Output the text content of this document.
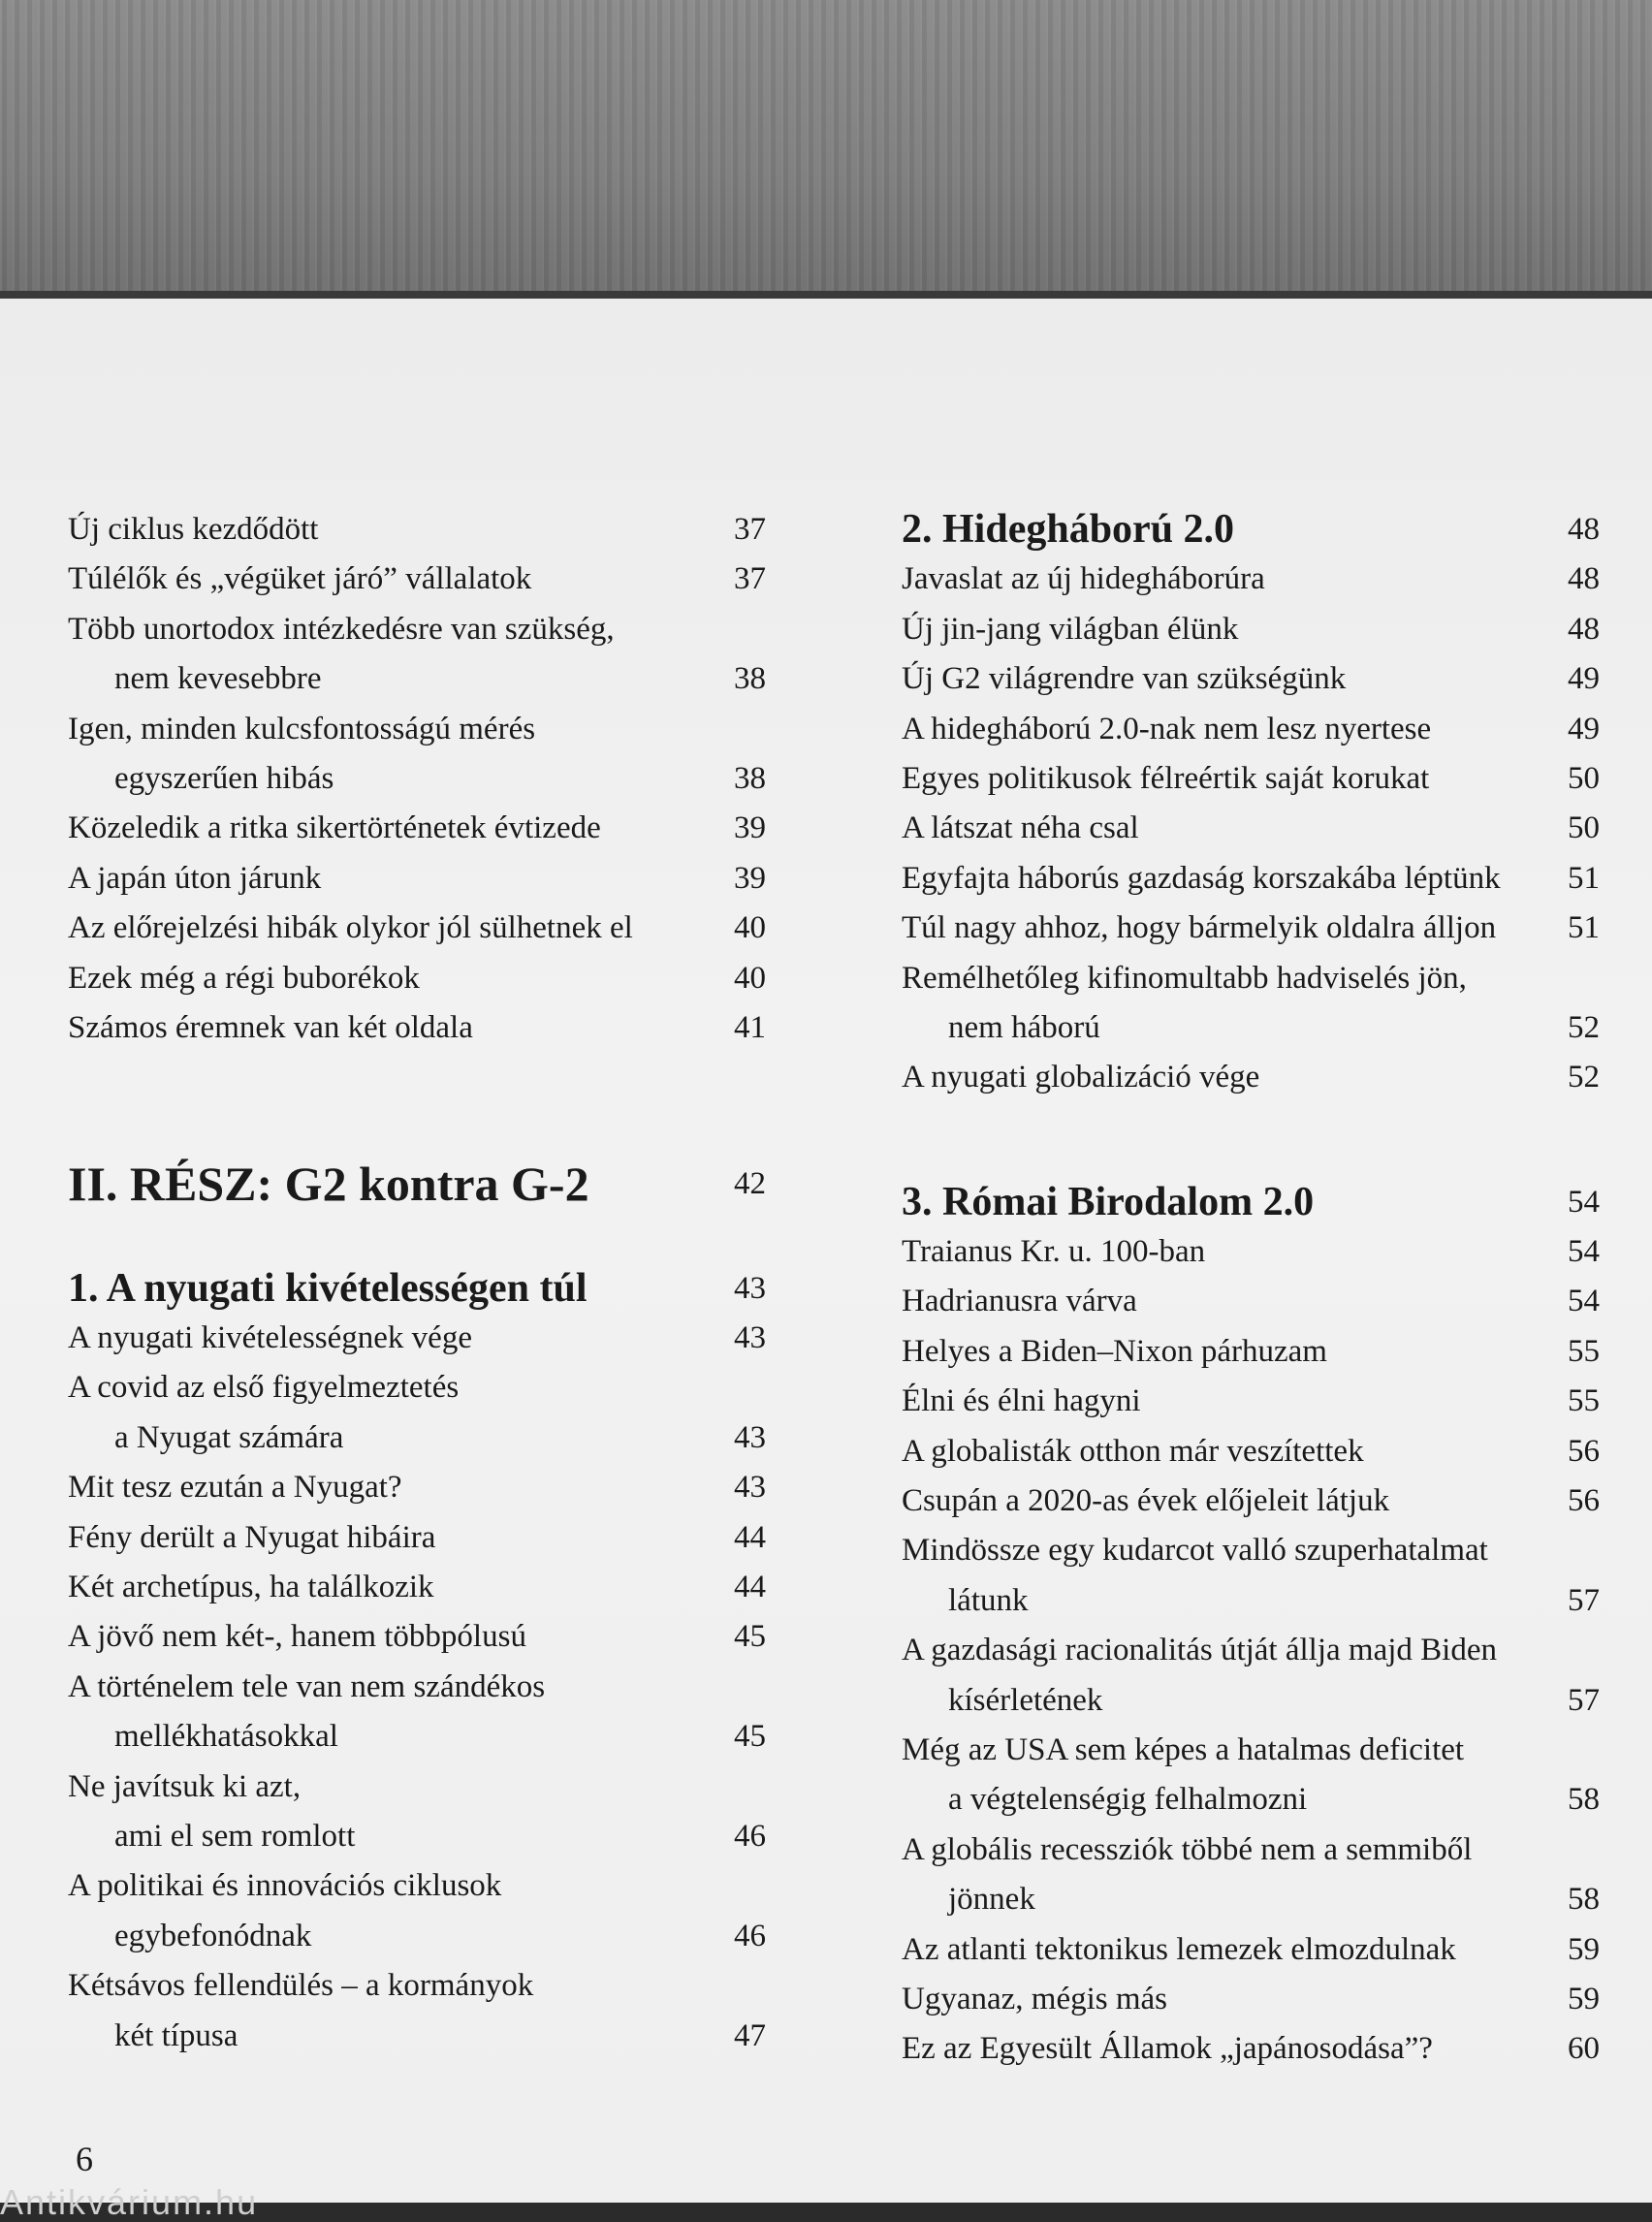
Új ciklus kezdődött	37
Túlélők és „végüket járó” vállalatok	37
Több unortodox intézkedésre van szükség,
nem kevesebbre	38
Igen, minden kulcsfontosságú mérés
egyszerűen hibás	38
Közeledik a ritka sikertörténetek évtizede	39
A japán úton járunk	39
Az előrejelzési hibák olykor jól sülhetnek el	40
Ezek még a régi buborékok	40
Számos éremnek van két oldala	41
II. RÉSZ: G2 kontra G-2	42
1. A nyugati kivételességen túl	43
A nyugati kivételességnek vége	43
A covid az első figyelmeztetés
a Nyugat számára	43
Mit tesz ezután a Nyugat?	43
Fény derült a Nyugat hibáira	44
Két archetípus, ha találkozik	44
A jövő nem két-, hanem többpólusú	45
A történelem tele van nem szándékos
mellékhatásokkal	45
Ne javítsuk ki azt,
ami el sem romlott	46
A politikai és innovációs ciklusok
egybefonódnak	46
Kétsávos fellendülés – a kormányok
két típusa	47
2. Hidegháború 2.0	48
Javaslat az új hidegháborúra	48
Új jin-jang világban élünk	48
Új G2 világrendre van szükségünk	49
A hidegháború 2.0-nak nem lesz nyertese	49
Egyes politikusok félreértik saját korukat	50
A látszat néha csal	50
Egyfajta háborús gazdaság korszakába léptünk 51
Túl nagy ahhoz, hogy bármelyik oldalra álljon 51
Remélhetőleg kifinomultabb hadviselés jön,
nem háború	52
A nyugati globalizáció vége	52
3. Római Birodalom 2.0	54
Traianus Kr. u. 100-ban	54
Hadrianusra várva	54
Helyes a Biden–Nixon párhuzam	55
Élni és élni hagyni	55
A globalisták otthon már veszítettek	56
Csupán a 2020-as évek előjeleit látjuk	56
Mindössze egy kudarcot valló szuperhatalmat
látunk	57
A gazdasági racionalitás útját állja majd Biden
kísérletének	57
Még az USA sem képes a hatalmas deficitet
a végtelenségig felhalmozni	58
A globális recessziók többé nem a semmiből
jönnek	58
Az atlanti tektonikus lemezek elmozdulnak	59
Ugyanaz, mégis más	59
Ez az Egyesült Államok „japánosodása”?	60
6
Antikvárium.hu
